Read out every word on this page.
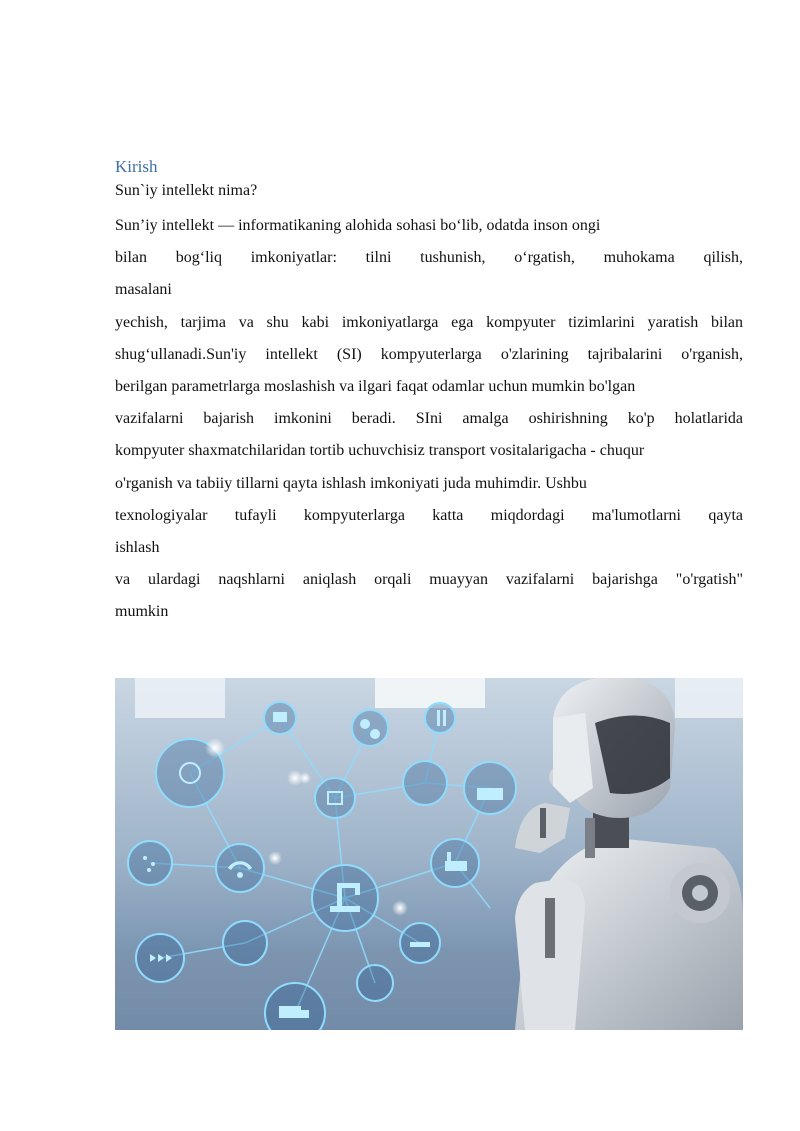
Kirish
Sun`iy intellekt nima?
Sun’iy intellekt — informatikaning alohida sohasi bo‘lib, odatda inson ongi
bilan bog‘liq imkoniyatlar: tilni tushunish, o‘rgatish, muhokama qilish,
masalani
yechish, tarjima va shu kabi imkoniyatlarga ega kompyuter tizimlarini yaratish bilan
shug‘ullanadi.Sun'iy intellekt (SI) kompyuterlarga o'zlarining tajribalarini o'rganish,
berilgan parametrlarga moslashish va ilgari faqat odamlar uchun mumkin bo'lgan
vazifalarni bajarish imkonini beradi. SIni amalga oshirishning ko'p holatlarida
kompyuter shaxmatchilaridan tortib uchuvchisiz transport vositalarigacha - chuqur
o'rganish va tabiiy tillarni qayta ishlash imkoniyati juda muhimdir. Ushbu
texnologiyalar tufayli kompyuterlarga katta miqdordagi ma'lumotlarni qayta
ishlash
va ulardagi naqshlarni aniqlash orqali muayyan vazifalarni bajarishga "o'rgatish"
mumkin
